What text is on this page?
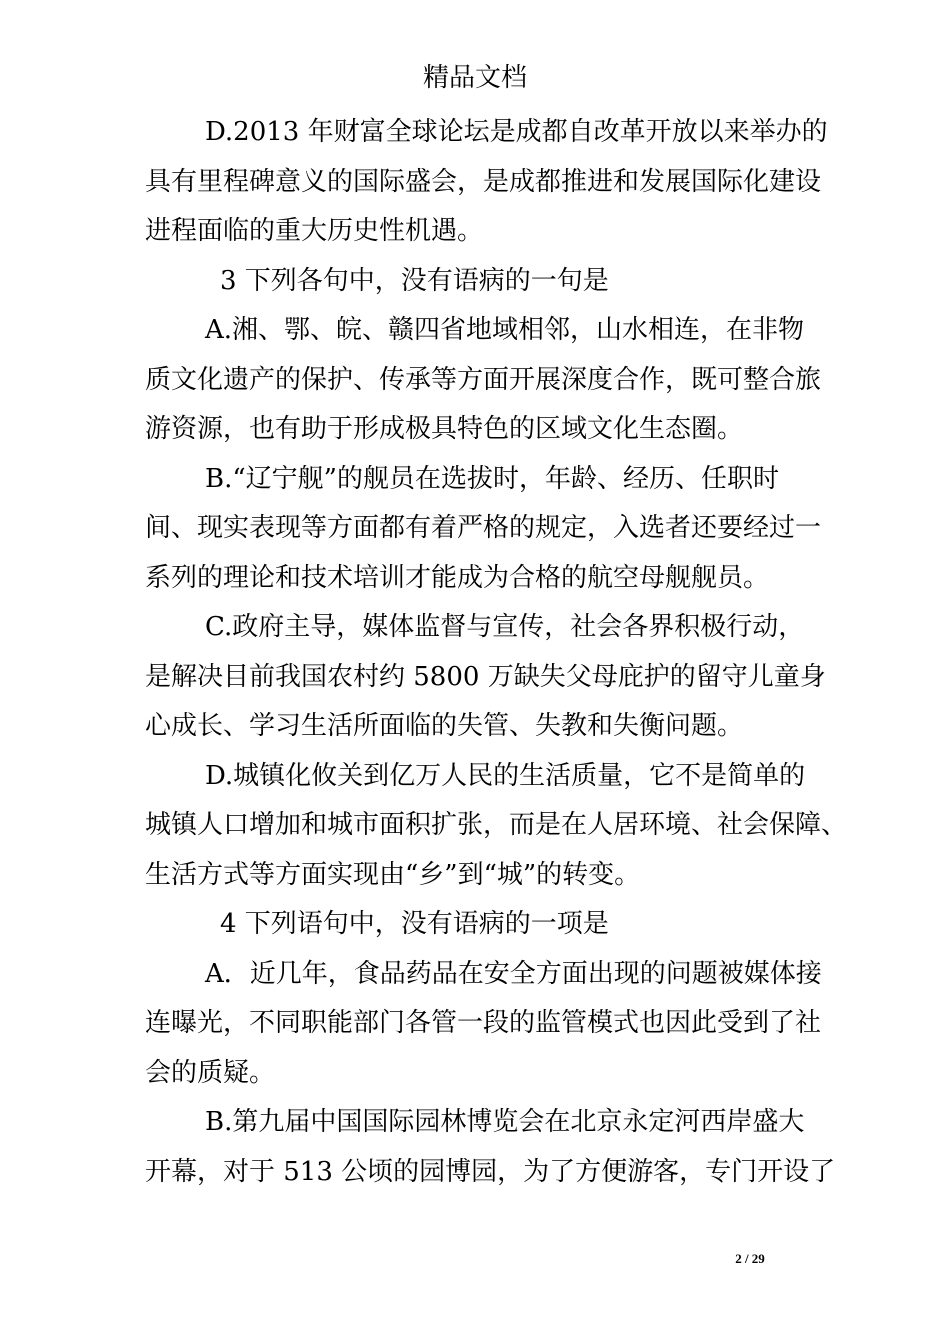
精品文档
D.2013 年财富全球论坛是成都自改革开放以来举办的
具有里程碑意义的国际盛会，是成都推进和发展国际化建设
进程面临的重大历史性机遇。
3 下列各句中，没有语病的一句是
A.湘、鄂、皖、赣四省地域相邻，山水相连，在非物
质文化遗产的保护、传承等方面开展深度合作，既可整合旅
游资源，也有助于形成极具特色的区域文化生态圈。
B.“辽宁舰”的舰员在选拔时，年龄、经历、任职时
间、现实表现等方面都有着严格的规定，入选者还要经过一
系列的理论和技术培训才能成为合格的航空母舰舰员。
C.政府主导，媒体监督与宣传，社会各界积极行动，
是解决目前我国农村约 5800 万缺失父母庇护的留守儿童身
心成长、学习生活所面临的失管、失教和失衡问题。
D.城镇化攸关到亿万人民的生活质量，它不是简单的
城镇人口增加和城市面积扩张，而是在人居环境、社会保障、
生活方式等方面实现由“乡”到“城”的转变。
4 下列语句中，没有语病的一项是
A．近几年，食品药品在安全方面出现的问题被媒体接
连曝光，不同职能部门各管一段的监管模式也因此受到了社
会的质疑。
B.第九届中国国际园林博览会在北京永定河西岸盛大
开幕，对于 513 公顷的园博园，为了方便游客，专门开设了
2 / 29
